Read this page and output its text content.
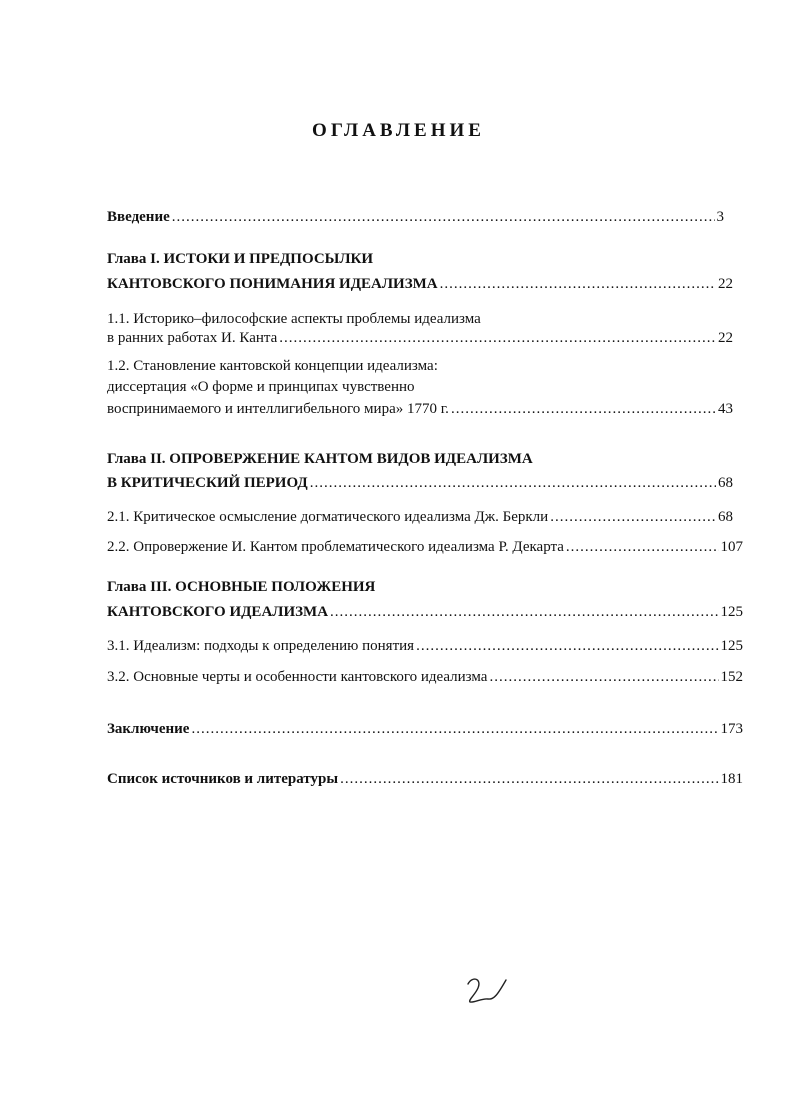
ОГЛАВЛЕНИЕ
Введение .....	3
Глава I. ИСТОКИ И ПРЕДПОСЫЛКИ
КАНТОВСКОГО ПОНИМАНИЯ ИДЕАЛИЗМА .....	22
1.1. Историко–философские аспекты проблемы идеализма
в ранних работах И. Канта .....	22
1.2. Становление кантовской концепции идеализма:
диссертация «О форме и принципах чувственно
воспринимаемого и интеллигибельного мира» 1770 г. .....	43
Глава II. ОПРОВЕРЖЕНИЕ КАНТОМ ВИДОВ ИДЕАЛИЗМА
В КРИТИЧЕСКИЙ ПЕРИОД .....	68
2.1. Критическое осмысление догматического идеализма Дж. Беркли .....	68
2.2. Опровержение И. Кантом проблематического идеализма Р. Декарта .....	107
Глава III. ОСНОВНЫЕ ПОЛОЖЕНИЯ
КАНТОВСКОГО ИДЕАЛИЗМА .....	125
3.1. Идеализм: подходы к определению понятия .....	125
3.2. Основные черты и особенности кантовского идеализма .....	152
Заключение .....	173
Список источников и литературы .....	181
